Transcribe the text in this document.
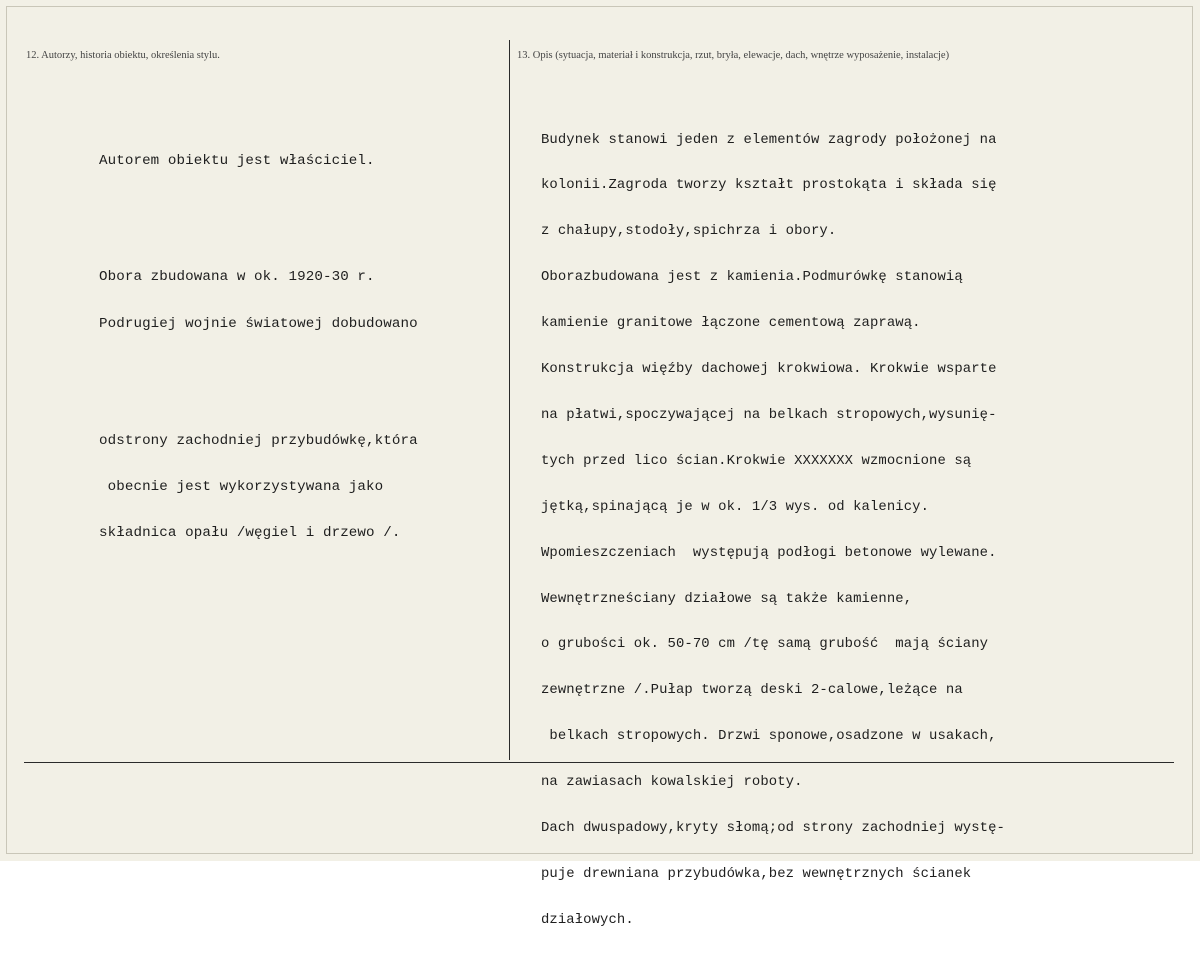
12. Autorzy, historia obiektu, określenia stylu.	13. Opis (sytuacja, materiał i konstrukcja, rzut, bryła, elewacje, dach, wnętrze wyposażenie, instalacje)

Autorem obiektu jest właściciel.

Obora zbudowana w ok. 1920-30 r.

Podrugiej wojnie światowej dobudowano

odstrony zachodniej przybudówkę,która

obecnie jest wykorzystywana jako

składnica opału /węgiel i drzewo /.

Budynek stanowi jeden z elementów zagrody położonej na

kolonii.Zagroda tworzy kształt prostokąta i składa się

z chałupy,stodoły,spichrza i obory.

Oborazbudowana jest z kamienia.Podmurówkę stanowią

kamienie granitowe łączone cementową zaprawą.

Konstrukcja więźby dachowej krokwiowa. Krokwie wsparte

na płatwi,spoczywającej na belkach stropowych,wysunię-

tych przed lico ścian.Krokwie XXXXXXX wzmocnione są

jętką,spinającą je w ok. 1/3 wys. od kalenicy.

Wpomieszczeniach  występują podłogi betonowe wylewane.

Wewnętrzneściany działowe są także kamienne,

o grubości ok. 50-70 cm /tę samą grubość  mają ściany

zewnętrzne /.Pułap tworzą deski 2-calowe,leżące na

belkach stropowych. Drzwi sponowe,osadzone w usakach,

na zawiasach kowalskiej roboty.

Dach dwuspadowy,kryty słomą;od strony zachodniej wystę-

puje drewniana przybudówka,bez wewnętrznych ścianek

działowych.
